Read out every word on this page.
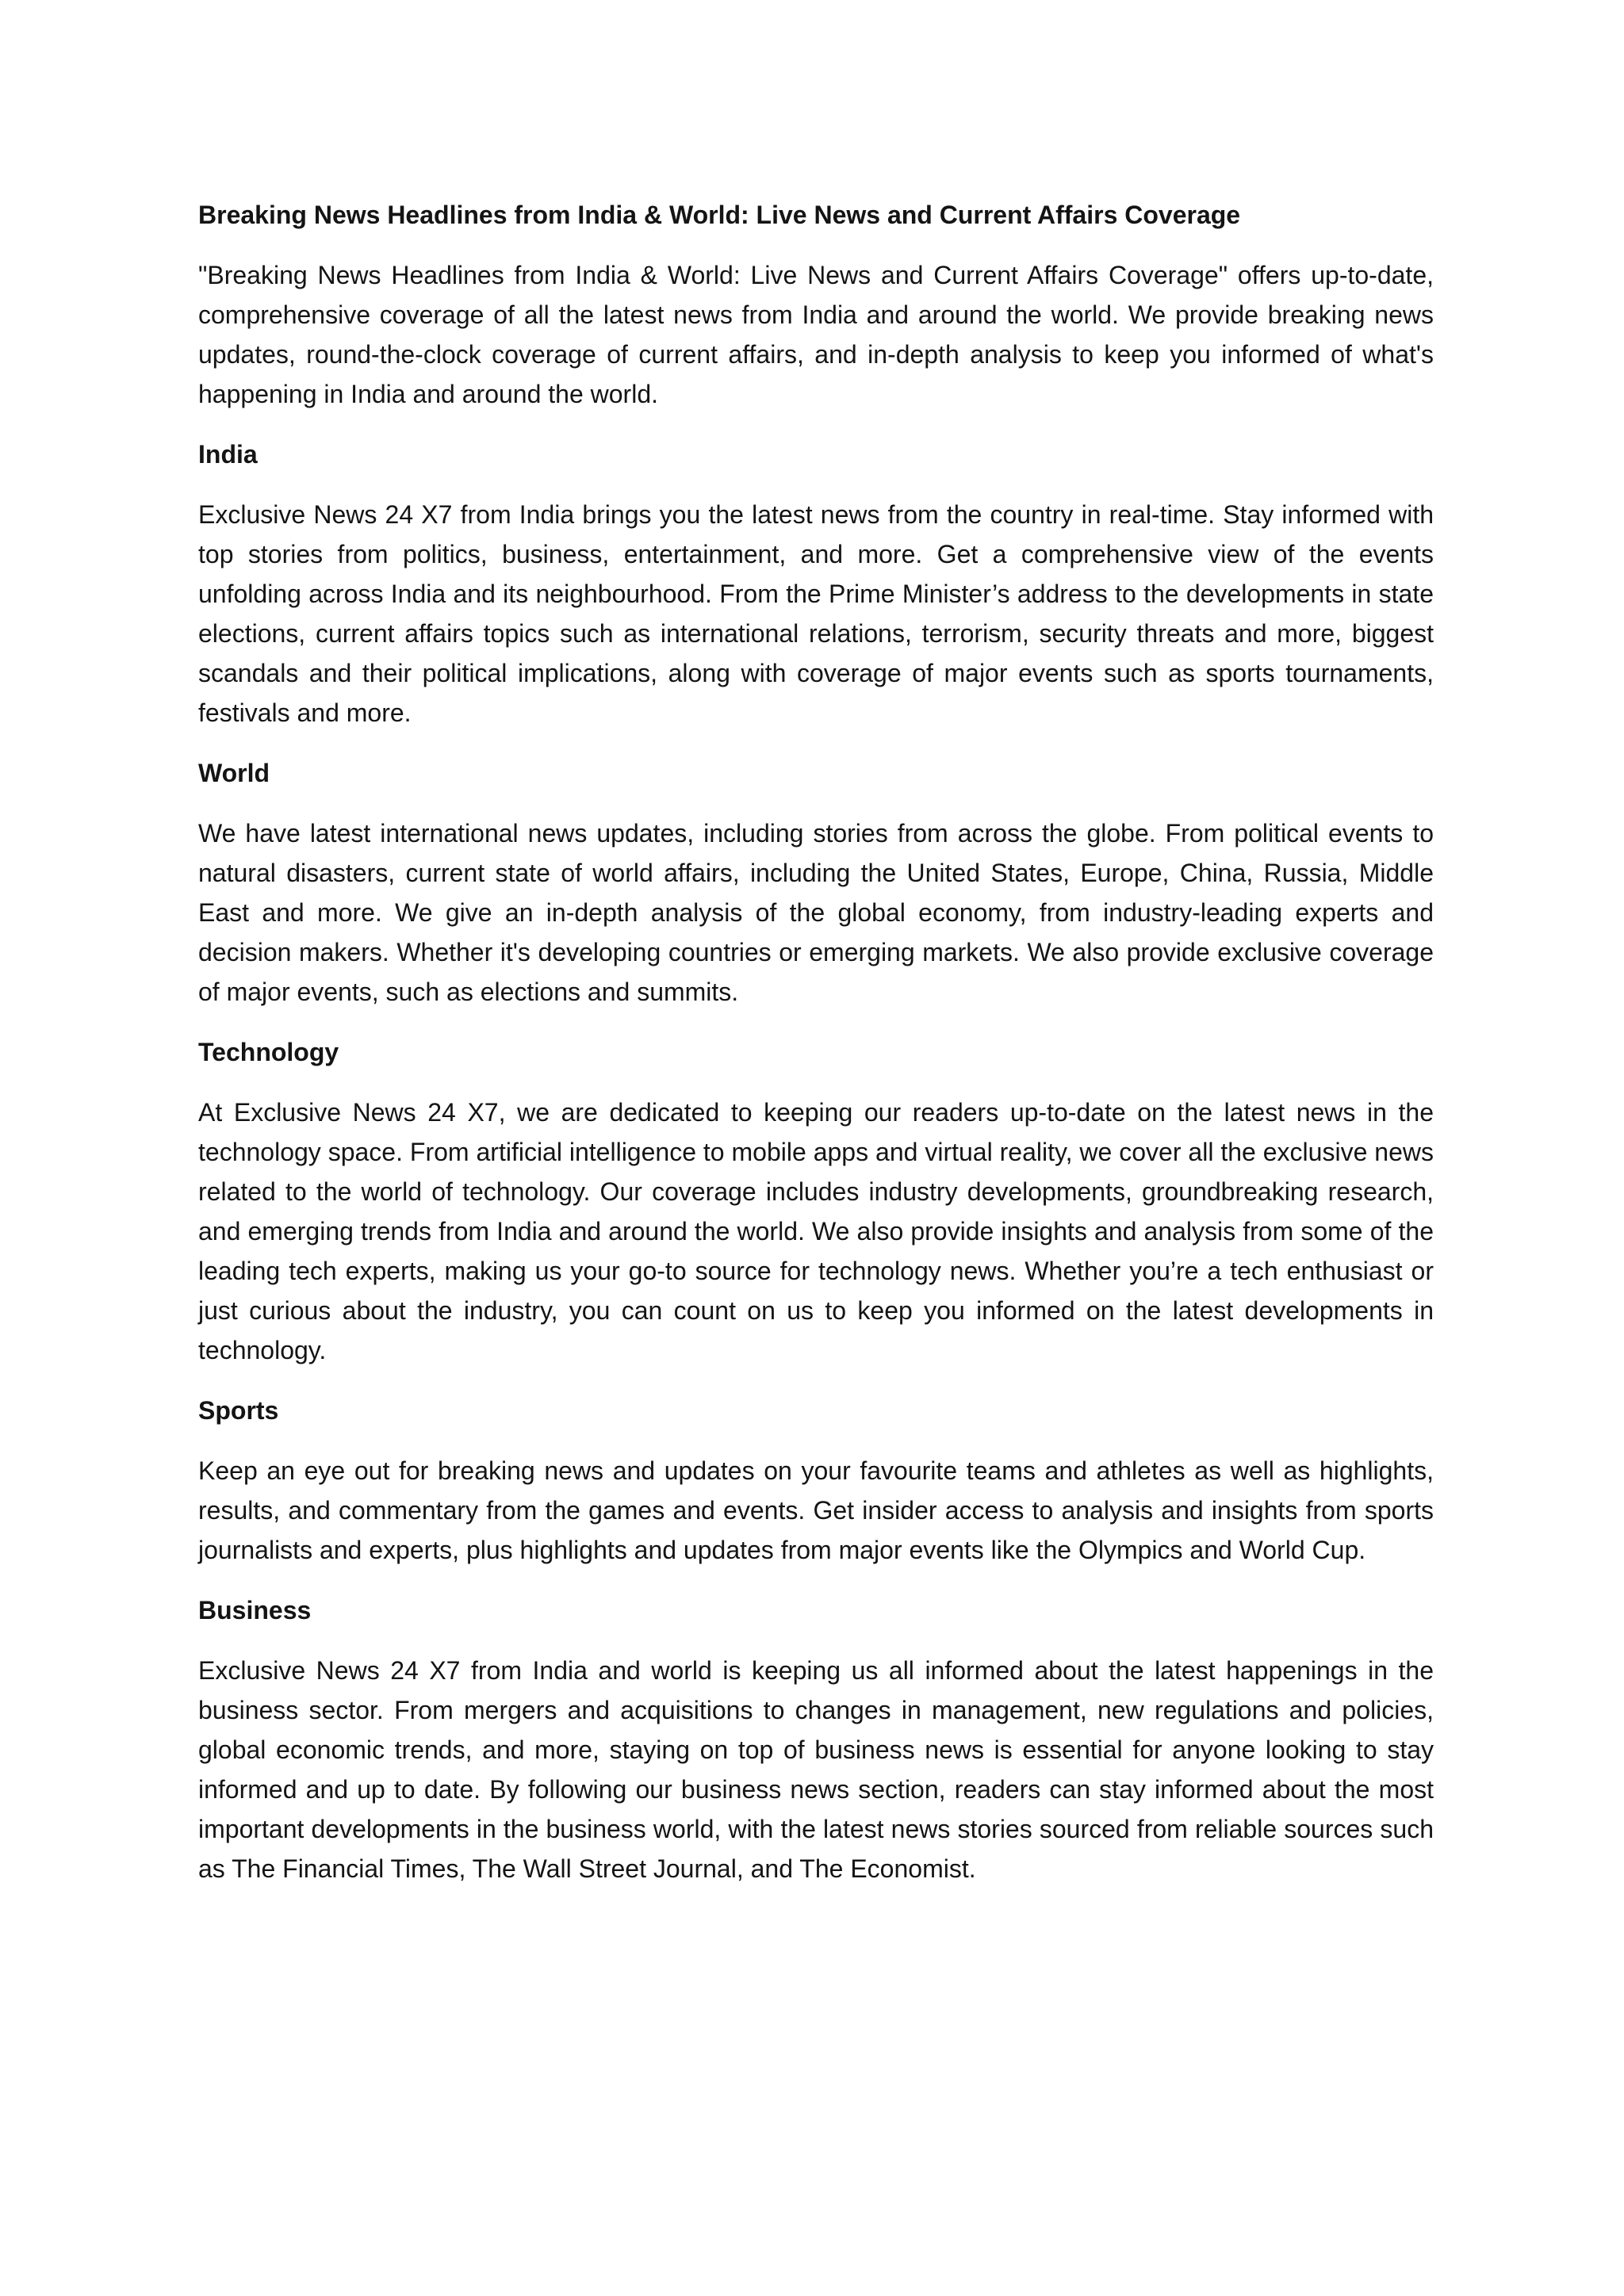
Breaking News Headlines from India & World: Live News and Current Affairs Coverage

"Breaking News Headlines from India & World: Live News and Current Affairs Coverage" offers up-to-date, comprehensive coverage of all the latest news from India and around the world. We provide breaking news updates, round-the-clock coverage of current affairs, and in-depth analysis to keep you informed of what's happening in India and around the world.

India

Exclusive News 24 X7 from India brings you the latest news from the country in real-time. Stay informed with top stories from politics, business, entertainment, and more. Get a comprehensive view of the events unfolding across India and its neighbourhood. From the Prime Minister’s address to the developments in state elections, current affairs topics such as international relations, terrorism, security threats and more, biggest scandals and their political implications, along with coverage of major events such as sports tournaments, festivals and more.

World

We have latest international news updates, including stories from across the globe. From political events to natural disasters, current state of world affairs, including the United States, Europe, China, Russia, Middle East and more. We give an in-depth analysis of the global economy, from industry-leading experts and decision makers. Whether it's developing countries or emerging markets. We also provide exclusive coverage of major events, such as elections and summits.

Technology

At Exclusive News 24 X7, we are dedicated to keeping our readers up-to-date on the latest news in the technology space. From artificial intelligence to mobile apps and virtual reality, we cover all the exclusive news related to the world of technology. Our coverage includes industry developments, groundbreaking research, and emerging trends from India and around the world. We also provide insights and analysis from some of the leading tech experts, making us your go-to source for technology news. Whether you’re a tech enthusiast or just curious about the industry, you can count on us to keep you informed on the latest developments in technology.

Sports

Keep an eye out for breaking news and updates on your favourite teams and athletes as well as highlights, results, and commentary from the games and events. Get insider access to analysis and insights from sports journalists and experts, plus highlights and updates from major events like the Olympics and World Cup.

Business

Exclusive News 24 X7 from India and world is keeping us all informed about the latest happenings in the business sector. From mergers and acquisitions to changes in management, new regulations and policies, global economic trends, and more, staying on top of business news is essential for anyone looking to stay informed and up to date. By following our business news section, readers can stay informed about the most important developments in the business world, with the latest news stories sourced from reliable sources such as The Financial Times, The Wall Street Journal, and The Economist.
